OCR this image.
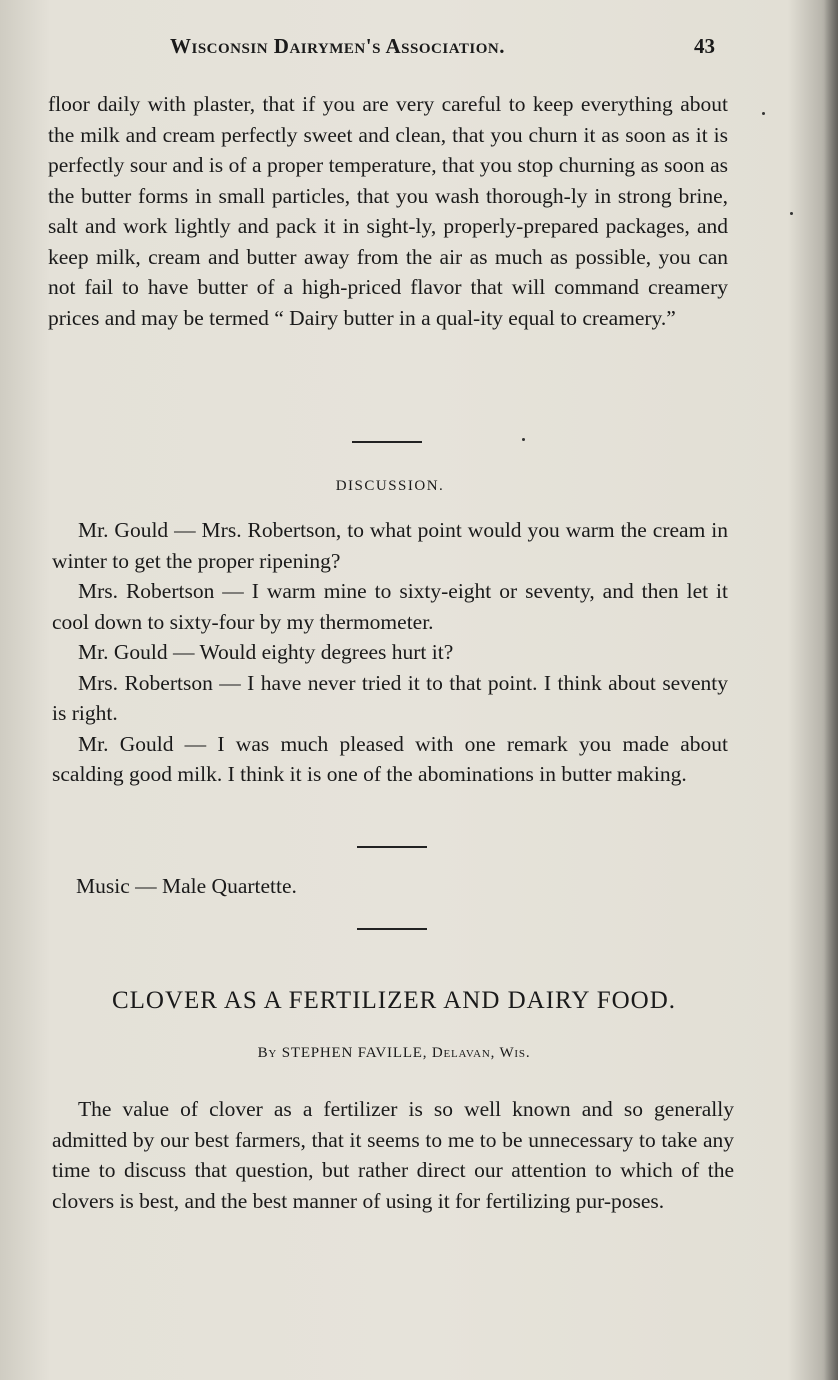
Wisconsin Dairymen's Association.	43

floor daily with plaster, that if you are very careful to keep everything about the milk and cream perfectly sweet and clean, that you churn it as soon as it is perfectly sour and is of a proper temperature, that you stop churning as soon as the butter forms in small particles, that you wash thorough-ly in strong brine, salt and work lightly and pack it in sight-ly, properly-prepared packages, and keep milk, cream and butter away from the air as much as possible, you can not fail to have butter of a high-priced flavor that will command creamery prices and may be termed “ Dairy butter in a qual-ity equal to creamery.”

DISCUSSION.

Mr. Gould — Mrs. Robertson, to what point would you warm the cream in winter to get the proper ripening?

Mrs. Robertson — I warm mine to sixty-eight or seventy, and then let it cool down to sixty-four by my thermometer.

Mr. Gould — Would eighty degrees hurt it?

Mrs. Robertson — I have never tried it to that point. I think about seventy is right.

Mr. Gould — I was much pleased with one remark you made about scalding good milk. I think it is one of the abominations in butter making.

Music — Male Quartette.
CLOVER AS A FERTILIZER AND DAIRY FOOD.
By STEPHEN FAVILLE, Delavan, Wis.

The value of clover as a fertilizer is so well known and so generally admitted by our best farmers, that it seems to me to be unnecessary to take any time to discuss that question, but rather direct our attention to which of the clovers is best, and the best manner of using it for fertilizing pur-poses.
